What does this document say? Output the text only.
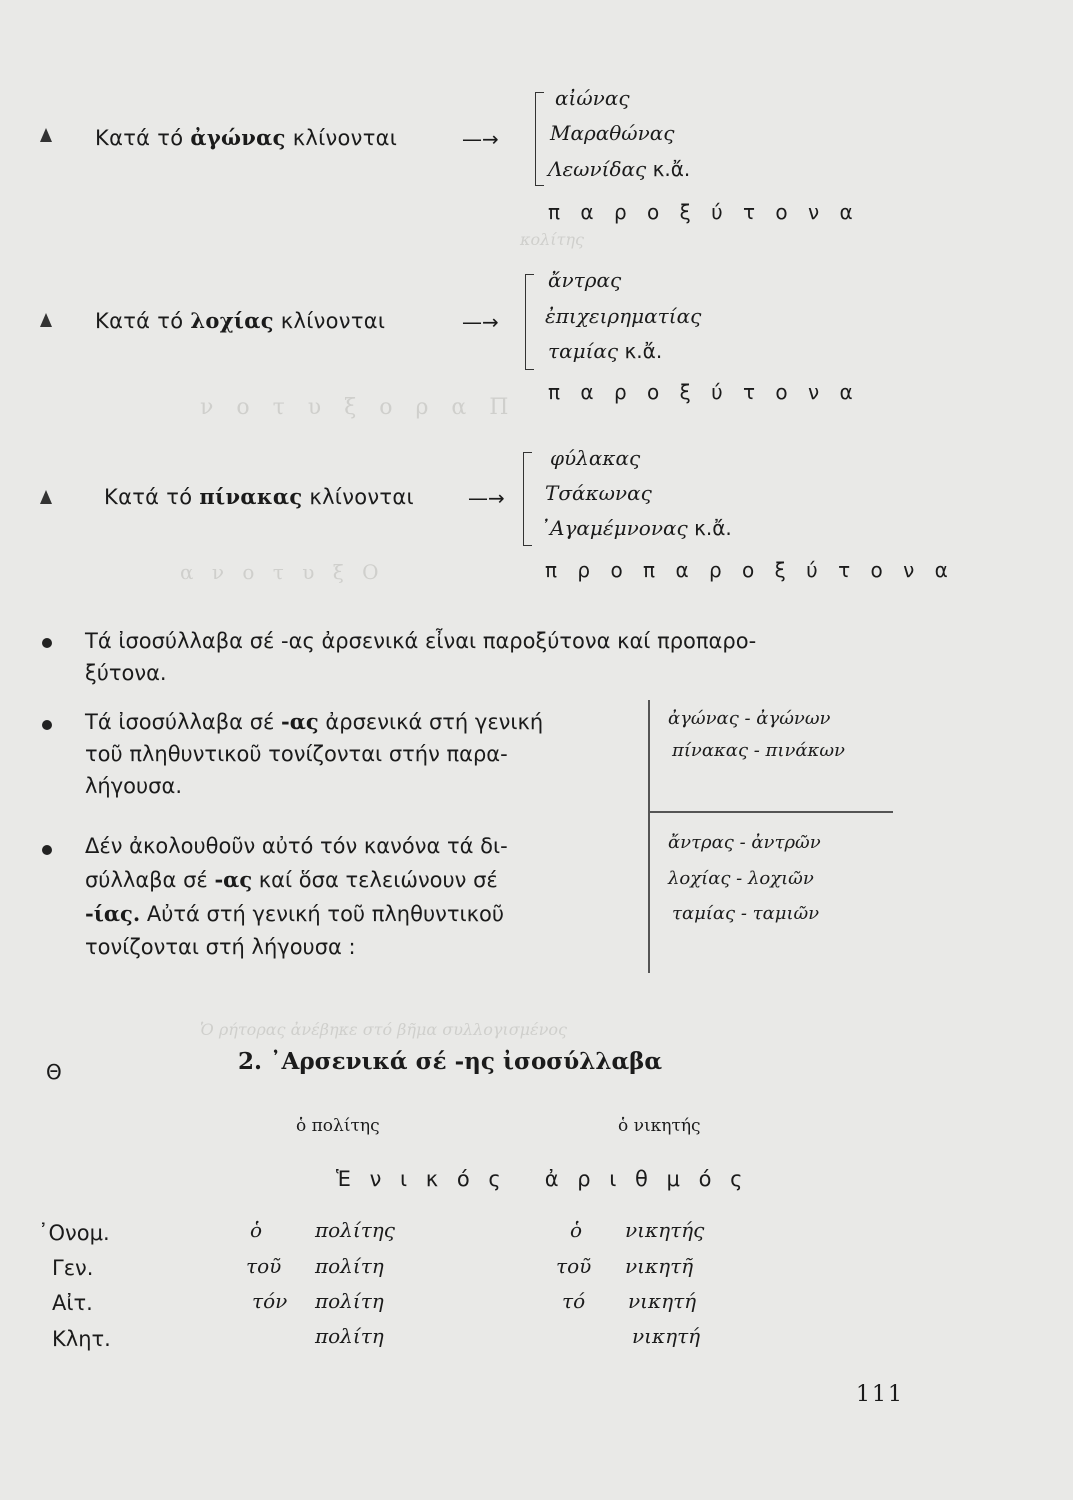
κολίτης
ν ο τ υ ξ ο ρ α Π
α ν ο τ υ ξ Ο
Ὁ ρήτορας ἀνέβηκε στό βῆμα συλλογισμένος
Κατά τό ἀγώνας κλίνονται	—→
αἰώνας
Μαραθώνας
Λεωνίδας κ.ἄ.
π α ρ ο ξ ύ τ ο ν α
Κατά τό λοχίας κλίνονται	—→
ἄντρας
ἐπιχειρηματίας
ταμίας κ.ἄ.
π α ρ ο ξ ύ τ ο ν α
Κατά τό πίνακας κλίνονται	—→
φύλακας
Τσάκωνας
᾿Αγαμέμνονας κ.ἄ.
π ρ ο π α ρ ο ξ ύ τ ο ν α
Τά ἰσοσύλλαβα σέ -ας ἀρσενικά εἶναι παροξύτονα καί προπαρο-
ξύτονα.
Τά ἰσοσύλλαβα σέ -ας ἀρσενικά στή γενική
τοῦ πληθυντικοῦ τονίζονται στήν παρα-
λήγουσα.
ἀγώνας - ἀγώνων
πίνακας - πινάκων
Δέν ἀκολουθοῦν αὐτό τόν κανόνα τά δι-
σύλλαβα σέ -ας καί ὅσα τελειώνουν σέ
-ίας. Αὐτά στή γενική τοῦ πληθυντικοῦ
τονίζονται στή λήγουσα :
ἄντρας - ἀντρῶν
λοχίας - λοχιῶν
ταμίας - ταμιῶν
Θ	2. ᾿Αρσενικά σέ -ης ἰσοσύλλαβα
ὁ πολίτης	ὁ νικητής
Ἑ ν ι κ ό ς   ἀ ρ ι θ μ ό ς
᾿Ονομ.	ὁ	πολίτης	ὁ νικητής
Γεν.	τοῦ πολίτη	τοῦ νικητῆ
Αἰτ.	τόν πολίτη	τό νικητή
Κλητ.	πολίτη	νικητή
111
